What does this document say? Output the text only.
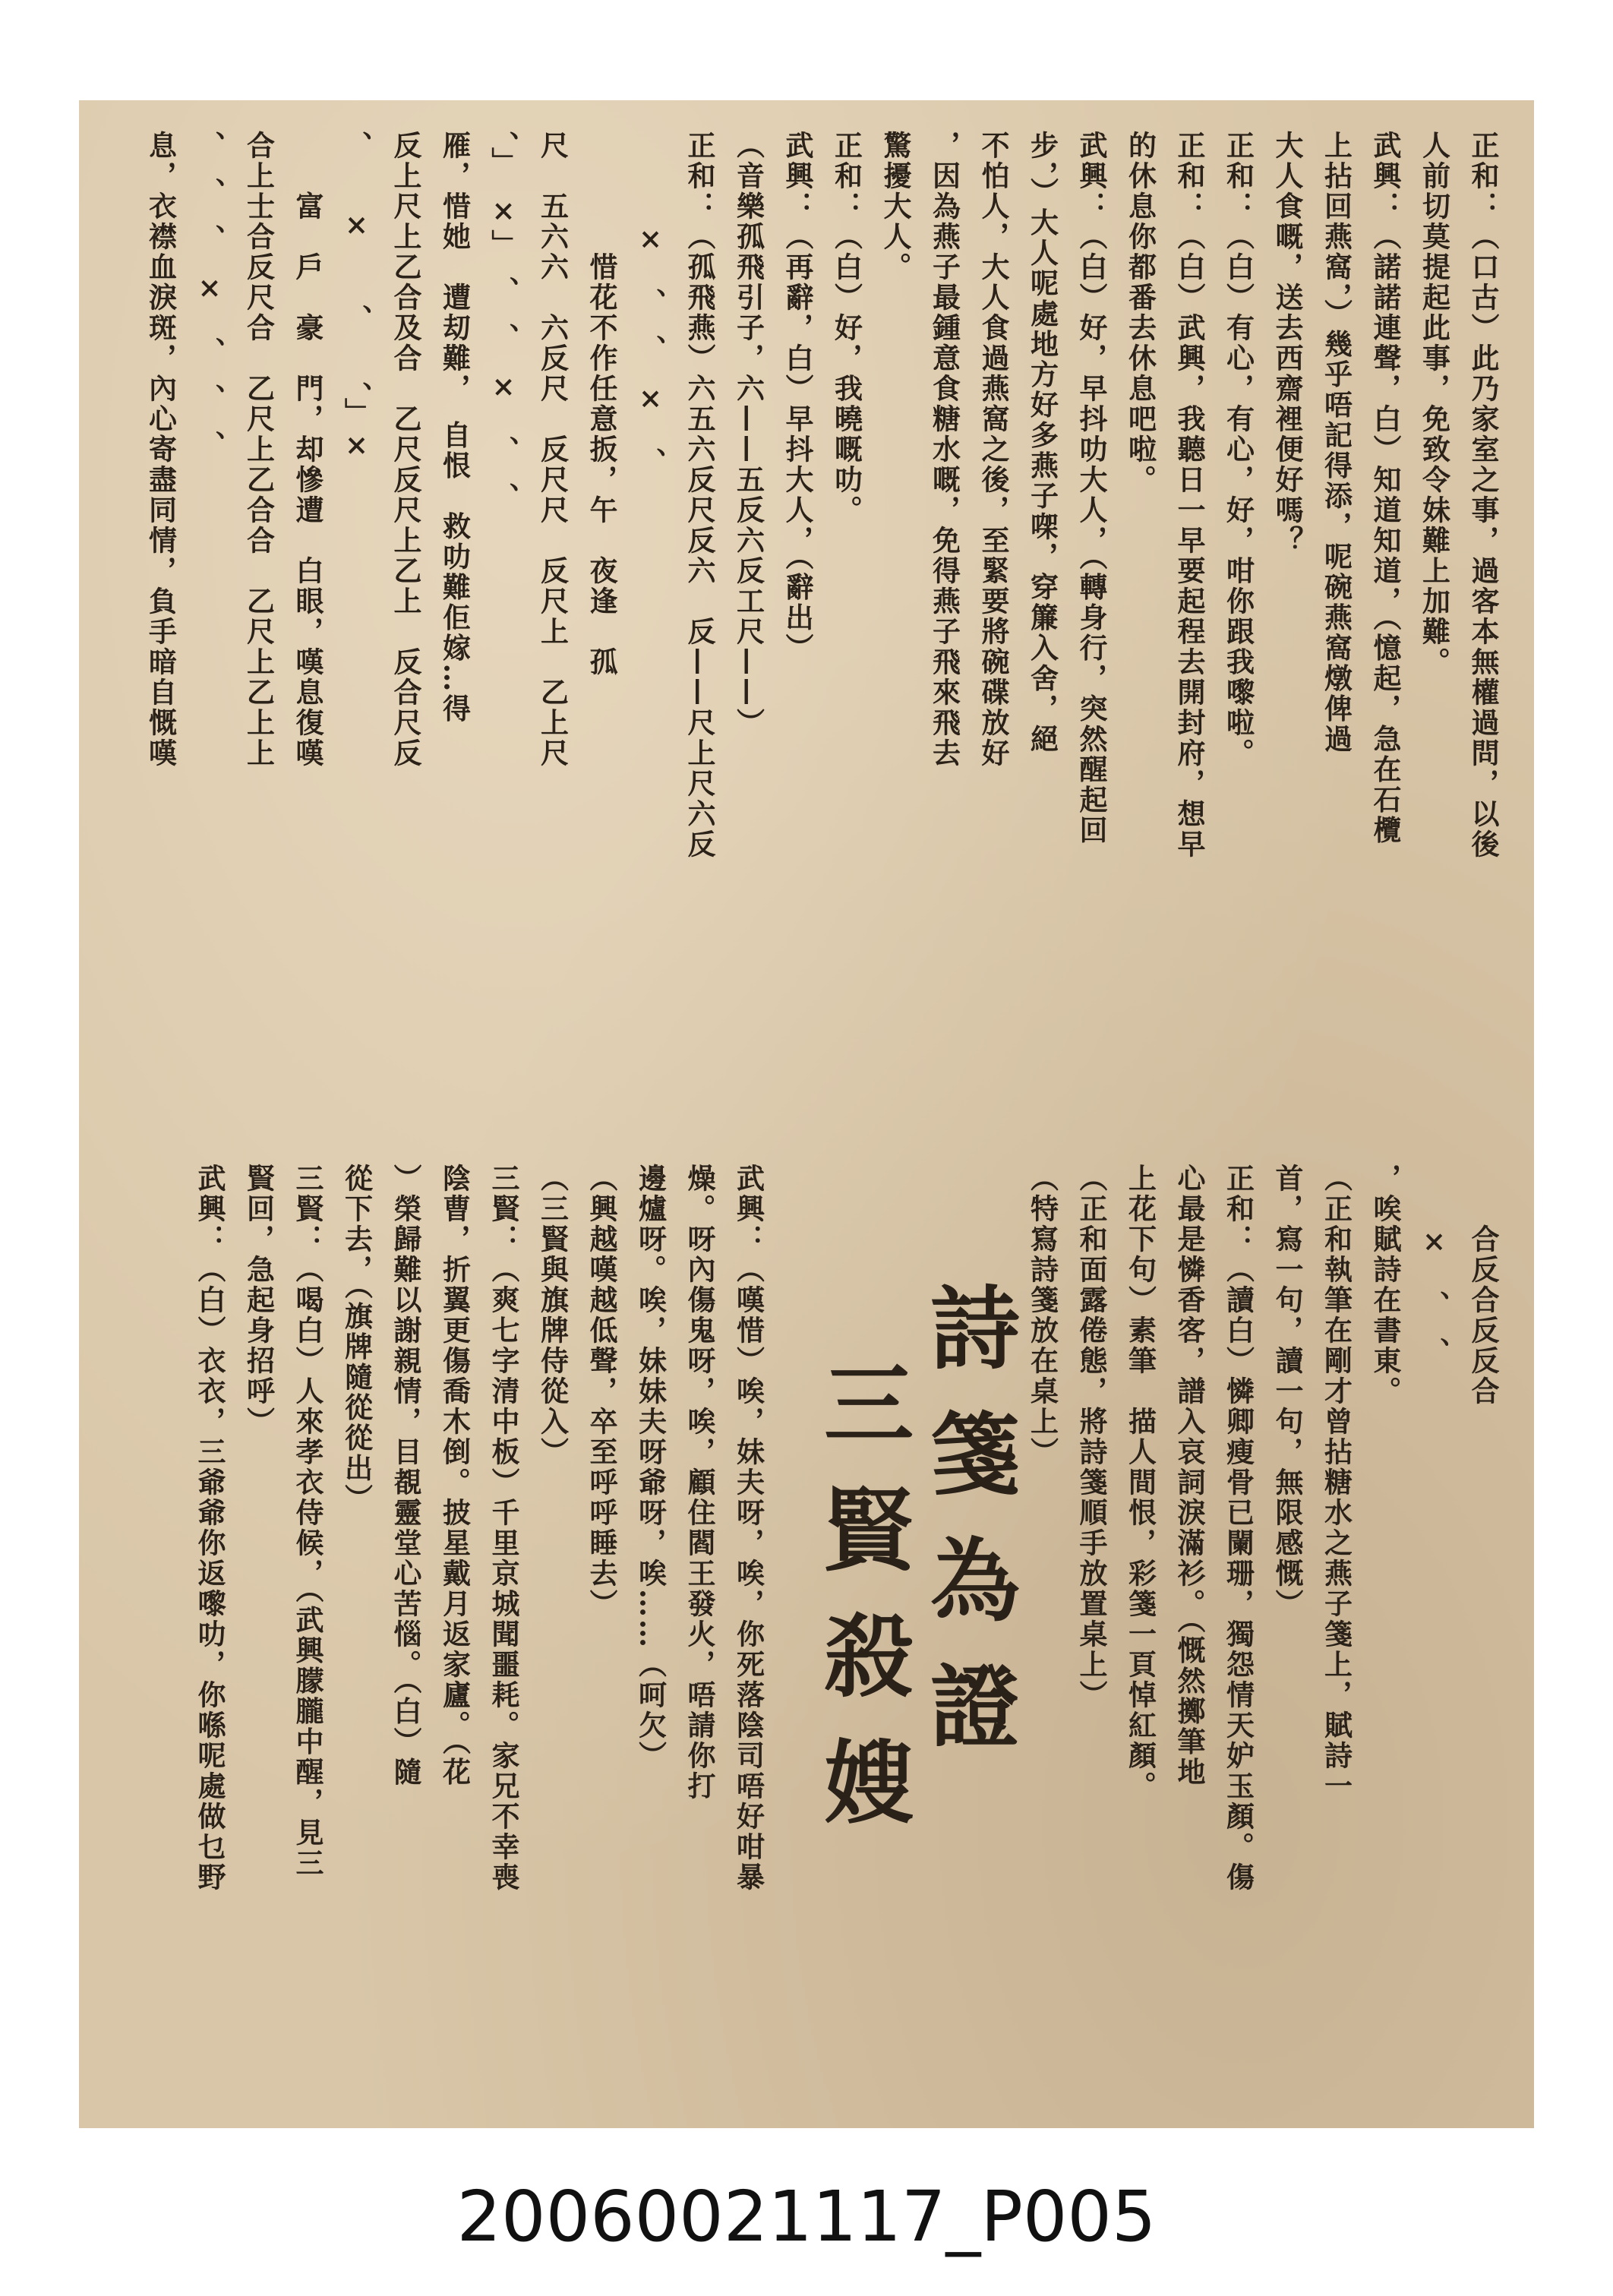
正和：（口古）此乃家室之事，過客本無權過問，以後
人前切莫提起此事，免致令妹難上加難。
武興：（諾諾連聲，白）知道知道，（憶起，急在石欖
上拈回燕窩，）幾乎唔記得添，呢碗燕窩燉俾過
大人食嘅，送去西齋裡便好嗎？
正和：（白）有心，有心，好，咁你跟我嚟啦。
正和：（白）武興，我聽日一早要起程去開封府，想早
的休息你都番去休息吧啦。
武興：（白）好，早抖叻大人，（轉身行，突然醒起回
步，）大人呢處地方好多燕子㗎，穿簾入舍，絕
不怕人，大人食過燕窩之後，至緊要將碗碟放好
，因為燕子最鍾意食糖水嘅，免得燕子飛來飛去
驚擾大人。
正和：（白）好，我曉嘅叻。
武興：（再辭，白）早抖大人，（辭出）
（音樂孤飛引子，六——五反六反工尺——）
正和：（孤飛燕）六五六反尺反六　反——尺上尺六反
　　　×　、　、　×　、
　　　　惜花不作任意扳，午　夜逢　孤
尺　五六六　六反尺　反尺尺　反尺上　乙上尺
、」　×」　、　、　×　、　、
雁，惜她　遭刧難，　自恨　救叻難佢嫁…得
反上尺上乙合及合　乙尺反尺上乙上　反合尺反
、　　×　　、　　、」×
　　富　戶　豪　門，却慘遭　白眼，嘆息復嘆
合上士合反尺合　乙尺上乙合合　乙尺上乙上上
、　、　、　×　、　、　、
息，衣襟血淚斑，內心寄盡同情，負手暗自慨嘆
　　合反合反反合
　　×　、　、
，唉賦詩在書東。
（正和執筆在剛才曾拈糖水之燕子箋上，賦詩一
首，寫一句，讀一句，無限感慨）
正和：（讀白）憐卿瘦骨已闌珊，獨怨情天妒玉顏。傷
心最是憐香客，譜入哀詞淚滿衫。（慨然擲筆地
上花下句）素筆　描人間恨，彩箋一頁悼紅顏。
（正和面露倦態，將詩箋順手放置桌上）
（特寫詩箋放在桌上）
武興：（嘆惜）唉，妹夫呀，唉，你死落陰司唔好咁暴
燥。呀內傷鬼呀，唉，顧住閻王發火，唔請你打
邊爐呀。唉，妹妹夫呀爺呀，唉……（呵欠）
（興越嘆越低聲，卒至呼呼睡去）
（三賢與旗牌侍從入）
三賢：（爽七字清中板）千里京城聞噩耗。家兄不幸喪
陰曹，折翼更傷喬木倒。披星戴月返家廬。（花
）榮歸難以謝親情，目覩靈堂心苦惱。（白）隨
從下去，（旗牌隨從從出）
三賢：（喝白）人來孝衣侍候，（武興朦朧中醒，見三
賢回，急起身招呼）
武興：（白）衣衣，三爺爺你返嚟叻，你喺呢處做乜野	詩箋為證
三賢殺嫂
20060021117_P005
